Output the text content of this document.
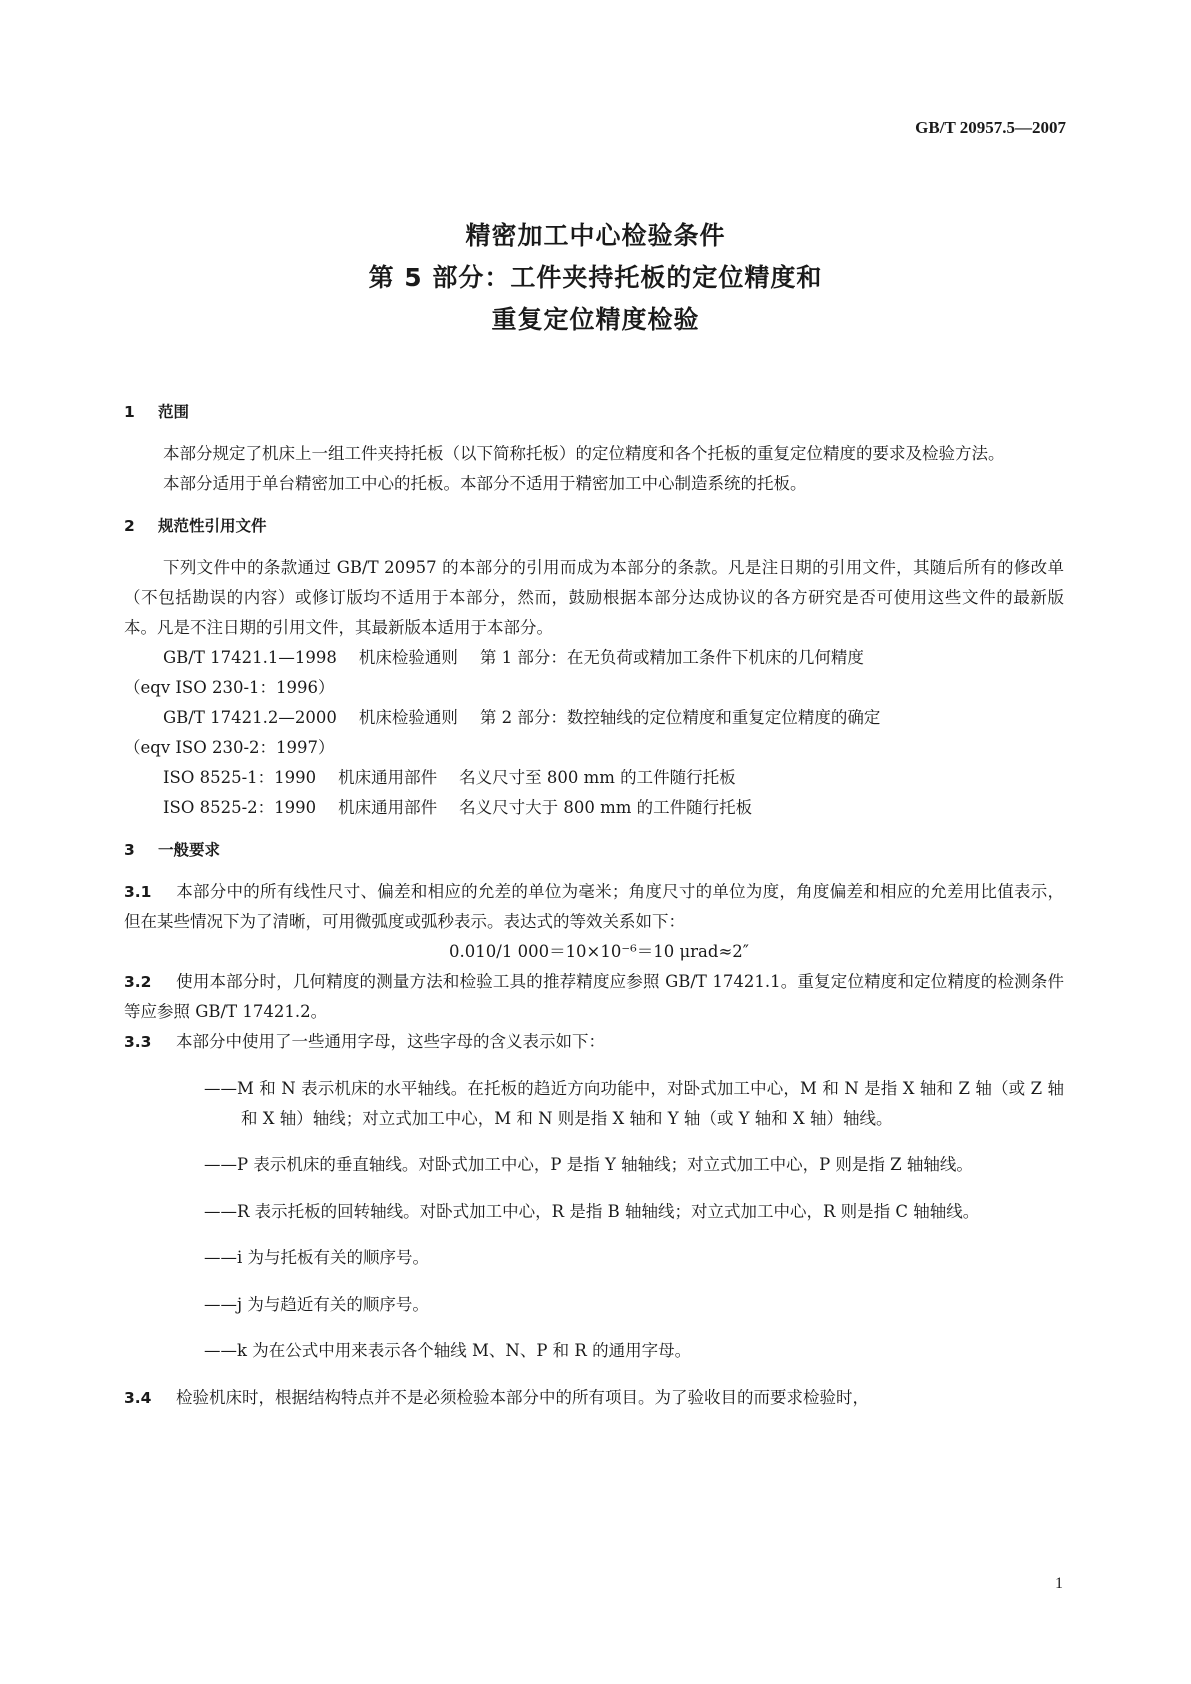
GB/T 20957.5—2007
精密加工中心检验条件
第 5 部分：工件夹持托板的定位精度和
重复定位精度检验
1 范围

本部分规定了机床上一组工件夹持托板（以下简称托板）的定位精度和各个托板的重复定位精度的要求及检验方法。

本部分适用于单台精密加工中心的托板。本部分不适用于精密加工中心制造系统的托板。

2 规范性引用文件

下列文件中的条款通过 GB/T 20957 的本部分的引用而成为本部分的条款。凡是注日期的引用文件，其随后所有的修改单（不包括勘误的内容）或修订版均不适用于本部分，然而，鼓励根据本部分达成协议的各方研究是否可使用这些文件的最新版本。凡是不注日期的引用文件，其最新版本适用于本部分。

GB/T 17421.1—1998 机床检验通则 第 1 部分：在无负荷或精加工条件下机床的几何精度

（eqv ISO 230-1：1996）

GB/T 17421.2—2000 机床检验通则 第 2 部分：数控轴线的定位精度和重复定位精度的确定

（eqv ISO 230-2：1997）

ISO 8525-1：1990 机床通用部件 名义尺寸至 800 mm 的工件随行托板

ISO 8525-2：1990 机床通用部件 名义尺寸大于 800 mm 的工件随行托板

3 一般要求

3.1 本部分中的所有线性尺寸、偏差和相应的允差的单位为毫米；角度尺寸的单位为度，角度偏差和相应的允差用比值表示，但在某些情况下为了清晰，可用微弧度或弧秒表示。表达式的等效关系如下：

0.010/1 000＝10×10⁻⁶＝10 μrad≈2″

3.2 使用本部分时，几何精度的测量方法和检验工具的推荐精度应参照 GB/T 17421.1。重复定位精度和定位精度的检测条件等应参照 GB/T 17421.2。

3.3 本部分中使用了一些通用字母，这些字母的含义表示如下：

——M 和 N 表示机床的水平轴线。在托板的趋近方向功能中，对卧式加工中心，M 和 N 是指 X 轴和 Z 轴（或 Z 轴和 X 轴）轴线；对立式加工中心，M 和 N 则是指 X 轴和 Y 轴（或 Y 轴和 X 轴）轴线。

——P 表示机床的垂直轴线。对卧式加工中心，P 是指 Y 轴轴线；对立式加工中心，P 则是指 Z 轴轴线。

——R 表示托板的回转轴线。对卧式加工中心，R 是指 B 轴轴线；对立式加工中心，R 则是指 C 轴轴线。

——i 为与托板有关的顺序号。

——j 为与趋近有关的顺序号。

——k 为在公式中用来表示各个轴线 M、N、P 和 R 的通用字母。

3.4 检验机床时，根据结构特点并不是必须检验本部分中的所有项目。为了验收目的而要求检验时，

1
